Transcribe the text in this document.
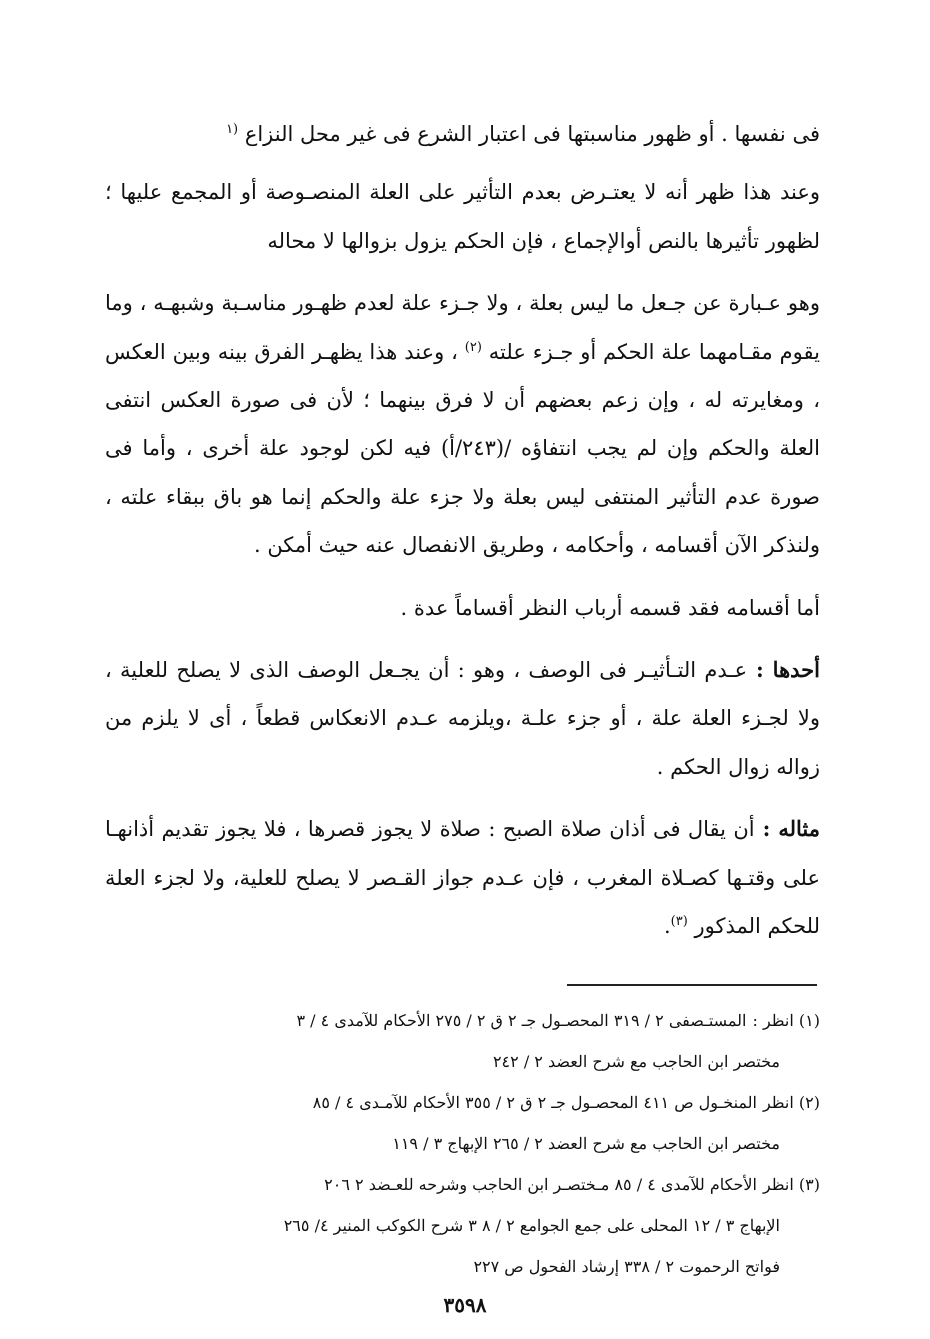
فى نفسها . أو ظهور مناسبتها فى اعتبار الشرع فى غير محل النزاع $^{(١}$

وعند هذا ظهر أنه لا يعتـرض بعدم التأثير على العلة المنصـوصة أو المجمع عليها ؛ لظهور تأثيرها بالنص أوالإجماع ، فإن الحكم يزول بزوالها لا محاله

وهو عـبارة عن جـعل ما ليس بعلة ، ولا جـزء علة لعدم ظهـور مناسـبة وشبهـه ، وما يقوم مقـامهما علة الحكم أو جـزء علته $^{(٢)}$ ، وعند هذا يظهـر الفرق بينه وبين العكس ، ومغايرته له ، وإن زعم بعضهم أن لا فرق بينهما ؛ لأن فى صورة العكس انتفى العلة والحكم وإن لم يجب انتفاؤه /(٢٤٣/أ) فيه لكن لوجود علة أخرى ، وأما فى صورة عدم التأثير المنتفى ليس بعلة ولا جزء علة والحكم إنما هو باق ببقاء علته ، ولنذكر الآن أقسامه ، وأحكامه ، وطريق الانفصال عنه حيث أمكن .

أما أقسامه فقد قسمه أرباب النظر أقساماً عدة .

أحدها : عـدم التـأثيـر فى الوصف ، وهو : أن يجـعل الوصف الذى لا يصلح للعلية ، ولا لجـزء العلة علة ، أو جزء علـة ،ويلزمه عـدم الانعكاس قطعاً ، أى لا يلزم من زواله زوال الحكم .

مثاله : أن يقال فى أذان صلاة الصبح : صلاة لا يجوز قصرها ، فلا يجوز تقديم أذانهـا على وقتـها كصـلاة المغرب ، فإن عـدم جواز القـصر لا يصلح للعلية، ولا لجزء العلة للحكم المذكور $^{(٣)}$.

(١) انظر :المستـصفى ٢ / ٣١٩ المحصـول جـ ٢ ق ٢ / ٢٧٥ الأحكام للآمدى ٤ / ٣
مختصر ابن الحاجب مع شرح العضد ٢ / ٢٤٢
(٢) انظرالمنخـول ص ٤١١ المحصـول جـ ٢ ق ٢ / ٣٥٥ الأحكام للآمـدى ٤ / ٨٥
مختصر ابن الحاجب مع شرح العضد ٢ / ٢٦٥ الإبهاج ٣ / ١١٩
(٣) انظرالأحكام للآمدى ٤ / ٨٥ مـختصـر ابن الحاجب وشرحه للعـضد ٢ ٢٠٦
الإبهاج ٣ / ١٢ المحلى على جمع الجوامع ٢ / ٨ ٣ شرح الكوكب المنير ٤/ ٢٦٥
فواتح الرحموت ٢ / ٣٣٨ إرشاد الفحول ص ٢٢٧
٣٥٩٨
